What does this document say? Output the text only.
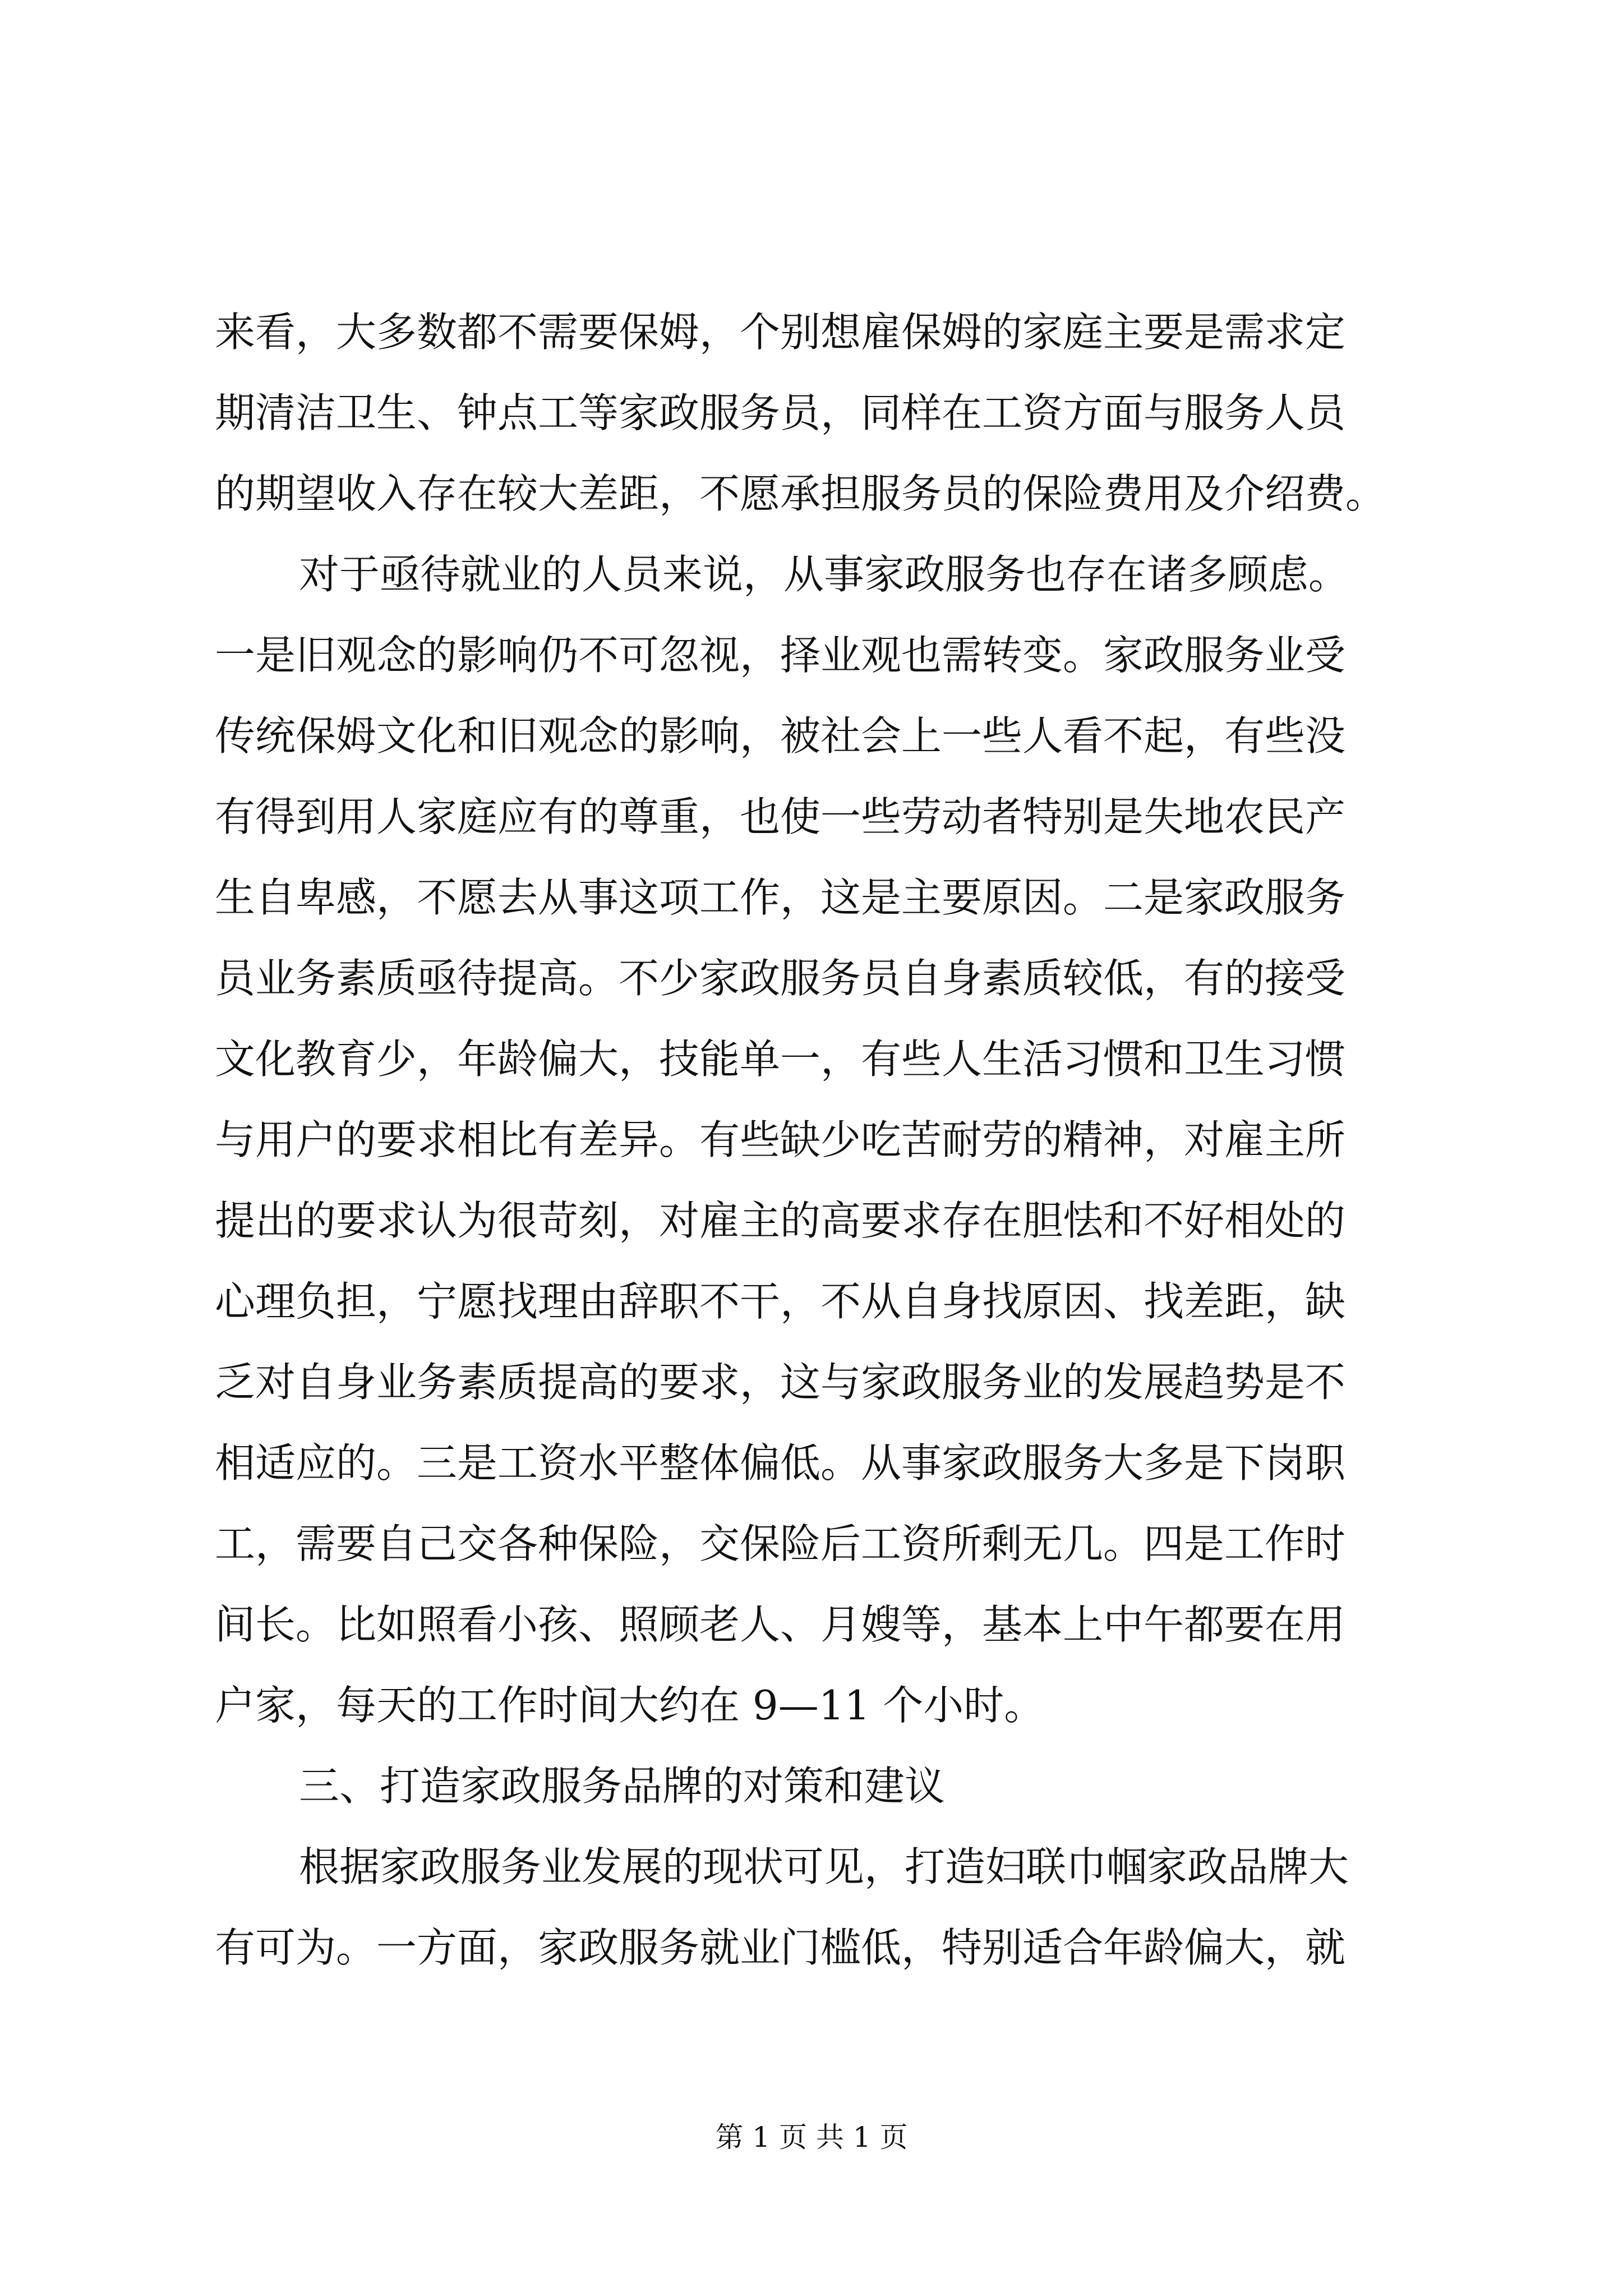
来看，大多数都不需要保姆，个别想雇保姆的家庭主要是需求定
期清洁卫生、钟点工等家政服务员，同样在工资方面与服务人员
的期望收入存在较大差距，不愿承担服务员的保险费用及介绍费。
对于亟待就业的人员来说，从事家政服务也存在诸多顾虑。
一是旧观念的影响仍不可忽视，择业观也需转变。家政服务业受
传统保姆文化和旧观念的影响，被社会上一些人看不起，有些没
有得到用人家庭应有的尊重，也使一些劳动者特别是失地农民产
生自卑感，不愿去从事这项工作，这是主要原因。二是家政服务
员业务素质亟待提高。不少家政服务员自身素质较低，有的接受
文化教育少，年龄偏大，技能单一，有些人生活习惯和卫生习惯
与用户的要求相比有差异。有些缺少吃苦耐劳的精神，对雇主所
提出的要求认为很苛刻，对雇主的高要求存在胆怯和不好相处的
心理负担，宁愿找理由辞职不干，不从自身找原因、找差距，缺
乏对自身业务素质提高的要求，这与家政服务业的发展趋势是不
相适应的。三是工资水平整体偏低。从事家政服务大多是下岗职
工，需要自己交各种保险，交保险后工资所剩无几。四是工作时
间长。比如照看小孩、照顾老人、月嫂等，基本上中午都要在用
户家，每天的工作时间大约在 9—11 个小时。
三、打造家政服务品牌的对策和建议
根据家政服务业发展的现状可见，打造妇联巾帼家政品牌大
有可为。一方面，家政服务就业门槛低，特别适合年龄偏大，就
第 1 页 共 1 页
